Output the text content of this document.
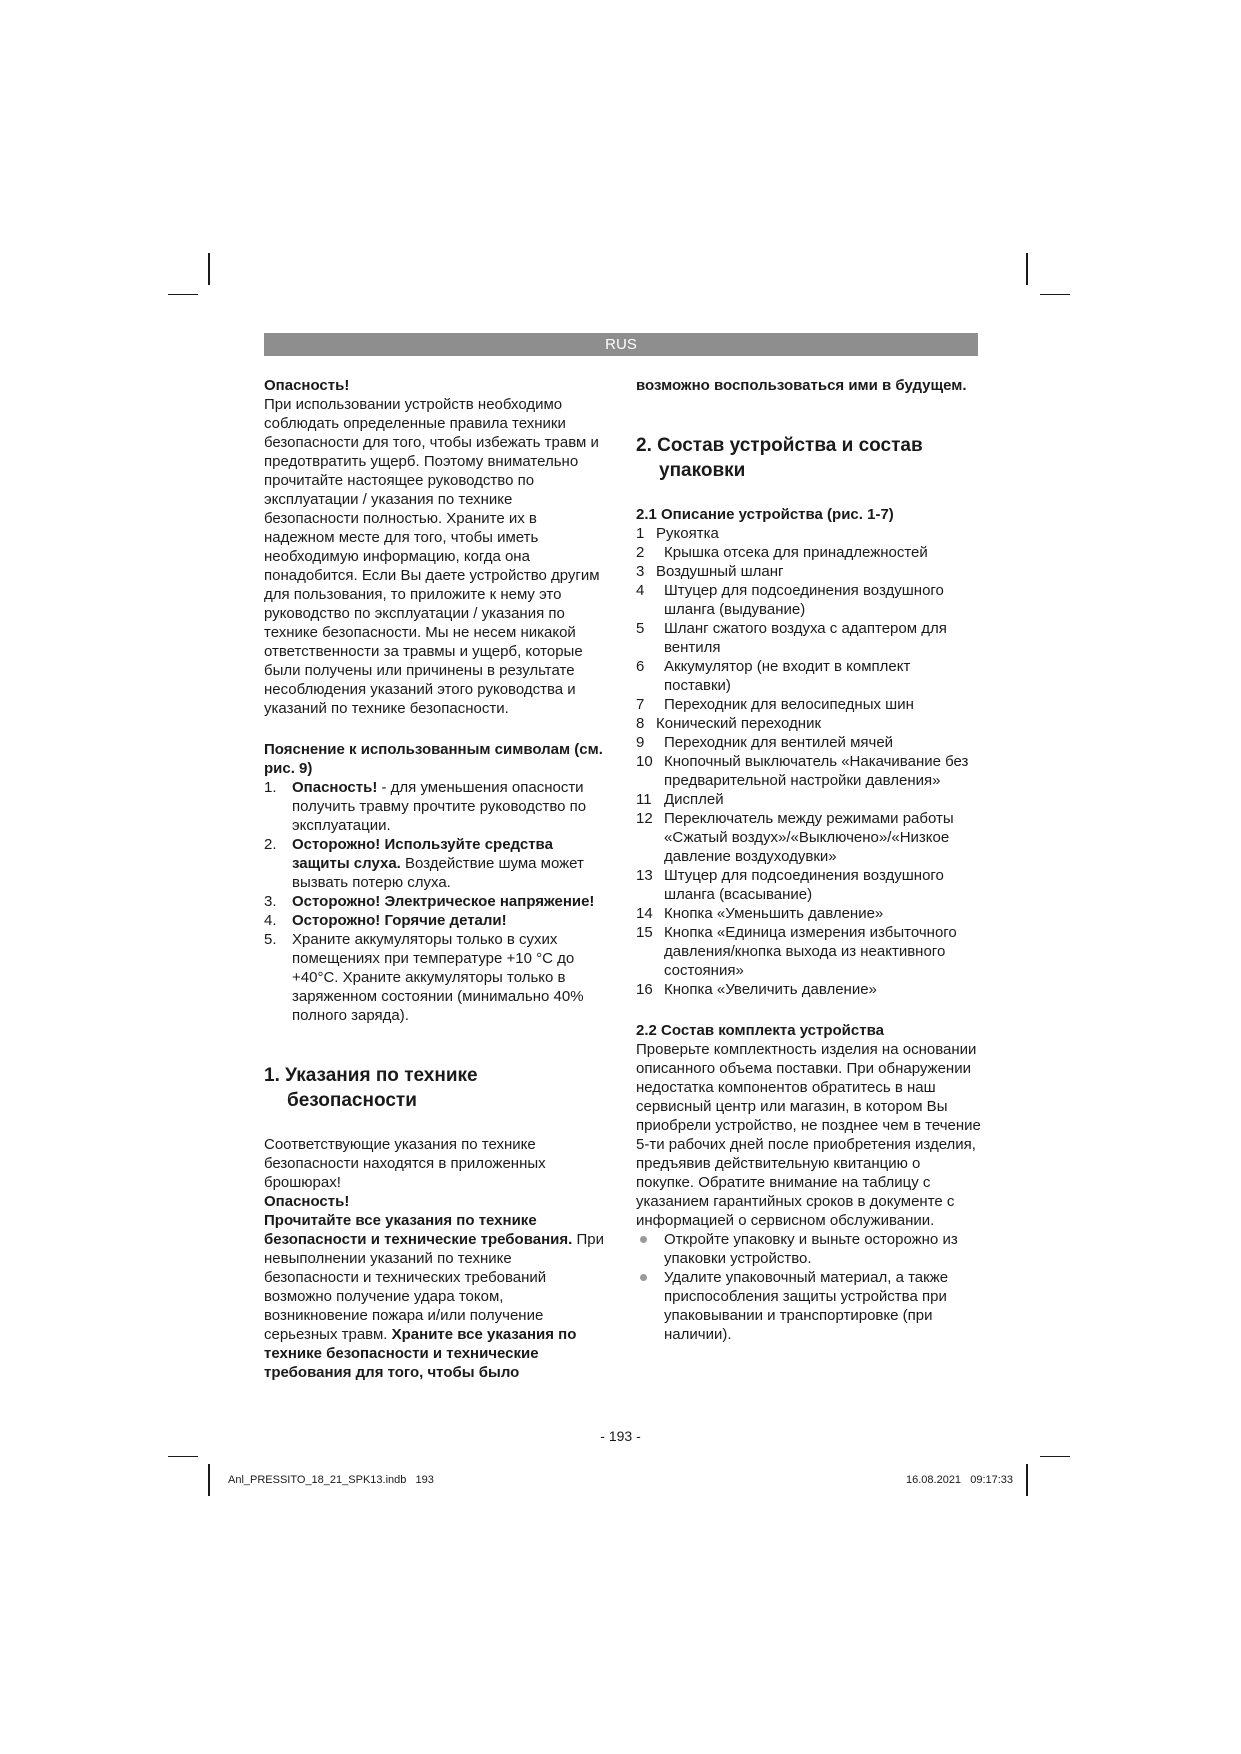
RUS

Опасность!

При использовании устройств необходимо соблюдать определенные правила техники безопасности для того, чтобы избежать травм и предотвратить ущерб. Поэтому внимательно прочитайте настоящее руководство по эксплуатации / указания по технике безопасности полностью. Храните их в надежном месте для того, чтобы иметь необходимую информацию, когда она понадобится. Если Вы даете устройство другим для пользования, то приложите к нему это руководство по эксплуатации / указания по технике безопасности. Мы не несем никакой ответственности за травмы и ущерб, которые были получены или причинены в результате несоблюдения указаний этого руководства и указаний по технике безопасности.

Пояснение к использованным символам (см. рис. 9)

1. Опасность! - для уменьшения опасности получить травму прочтите руководство по эксплуатации.
2. Осторожно! Используйте средства защиты слуха. Воздействие шума может вызвать потерю слуха.
3. Осторожно! Электрическое напряжение!
4. Осторожно! Горячие детали!
5. Храните аккумуляторы только в сухих помещениях при температуре +10 °C до +40°C. Храните аккумуляторы только в заряженном состоянии (минимально 40% полного заряда).

1. Указания по технике
безопасности

Соответствующие указания по технике безопасности находятся в приложенных брошюрах!

Опасность!

Прочитайте все указания по технике безопасности и технические требования. При невыполнении указаний по технике безопасности и технических требований возможно получение удара током, возникновение пожара и/или получение серьезных травм. Храните все указания по технике безопасности и технические требования для того, чтобы было

возможно воспользоваться ими в будущем.

2. Состав устройства и состав
упаковки

2.1 Описание устройства (рис. 1-7)

1 Рукоятка
2 Крышка отсека для принадлежностей
3 Воздушный шланг
4 Штуцер для подсоединения воздушного шланга (выдувание)
5 Шланг сжатого воздуха с адаптером для вентиля
6 Аккумулятор (не входит в комплект поставки)
7 Переходник для велосипедных шин
8 Конический переходник
9 Переходник для вентилей мячей
10 Кнопочный выключатель «Накачивание без предварительной настройки давления»
11 Дисплей
12 Переключатель между режимами работы «Сжатый воздух»/«Выключено»/«Низкое давление воздуходувки»
13 Штуцер для подсоединения воздушного шланга (всасывание)
14 Кнопка «Уменьшить давление»
15 Кнопка «Единица измерения избыточного давления/кнопка выхода из неактивного состояния»
16 Кнопка «Увеличить давление»

2.2 Состав комплекта устройства

Проверьте комплектность изделия на основании описанного объема поставки. При обнаружении недостатка компонентов обратитесь в наш сервисный центр или магазин, в котором Вы приобрели устройство, не позднее чем в течение 5-ти рабочих дней после приобретения изделия, предъявив действительную квитанцию о покупке. Обратите внимание на таблицу с указанием гарантийных сроков в документе с информацией о сервисном обслуживании.

Откройте упаковку и выньте осторожно из упаковки устройство.
Удалите упаковочный материал, а также приспособления защиты устройства при упаковывании и транспортировке (при наличии).
- 193 -
Anl_PRESSITO_18_21_SPK13.indb   193	16.08.2021   09:17:33
